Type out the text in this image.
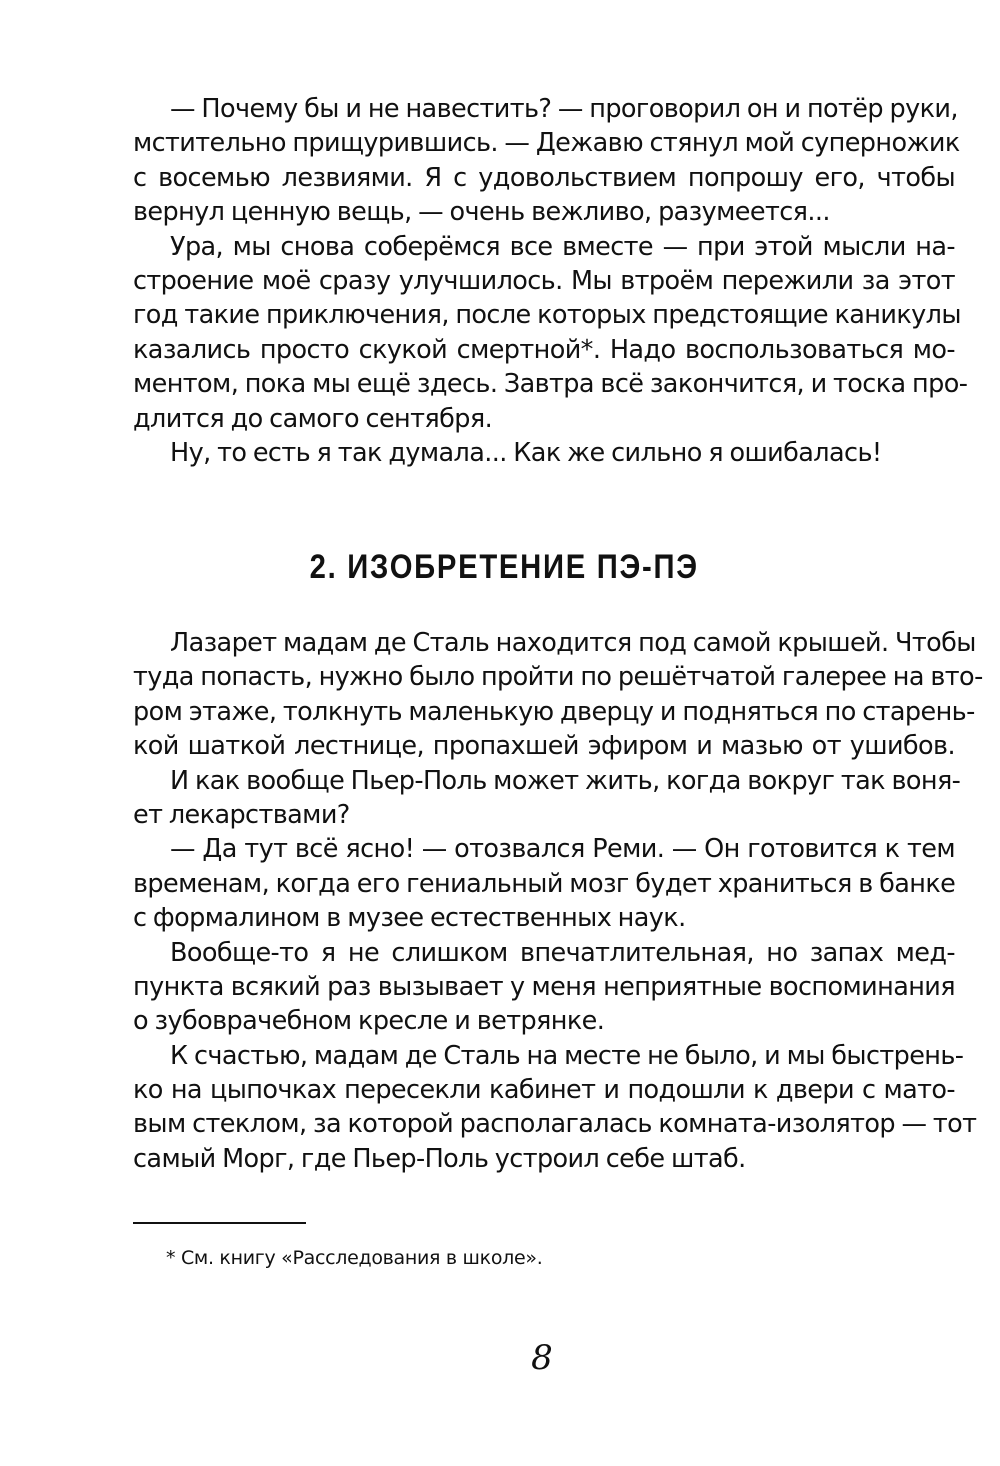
— Почему бы и не навестить? — проговорил он и потёр руки,
мстительно прищурившись. — Дежавю стянул мой суперножик
с восемью лезвиями. Я с удовольствием попрошу его, чтобы
вернул ценную вещь, — очень вежливо, разумеется...
Ура, мы снова соберёмся все вместе — при этой мысли на-
строение моё сразу улучшилось. Мы втроём пережили за этот
год такие приключения, после которых предстоящие каникулы
казались просто скукой смертной*. Надо воспользоваться мо-
ментом, пока мы ещё здесь. Завтра всё закончится, и тоска про-
длится до самого сентября.
Ну, то есть я так думала... Как же сильно я ошибалась!
2. ИЗОБРЕТЕНИЕ ПЭ-ПЭ
Лазарет мадам де Сталь находится под самой крышей. Чтобы
туда попасть, нужно было пройти по решётчатой галерее на вто-
ром этаже, толкнуть маленькую дверцу и подняться по старень-
кой шаткой лестнице, пропахшей эфиром и мазью от ушибов.
И как вообще Пьер-Поль может жить, когда вокруг так воня-
ет лекарствами?
— Да тут всё ясно! — отозвался Реми. — Он готовится к тем
временам, когда его гениальный мозг будет храниться в банке
с формалином в музее естественных наук.
Вообще-то я не слишком впечатлительная, но запах мед-
пункта всякий раз вызывает у меня неприятные воспоминания
о зубоврачебном кресле и ветрянке.
К счастью, мадам де Сталь на месте не было, и мы быстрень-
ко на цыпочках пересекли кабинет и подошли к двери с мато-
вым стеклом, за которой располагалась комната-изолятор — тот
самый Морг, где Пьер-Поль устроил себе штаб.
* См. книгу «Расследования в школе».
8
